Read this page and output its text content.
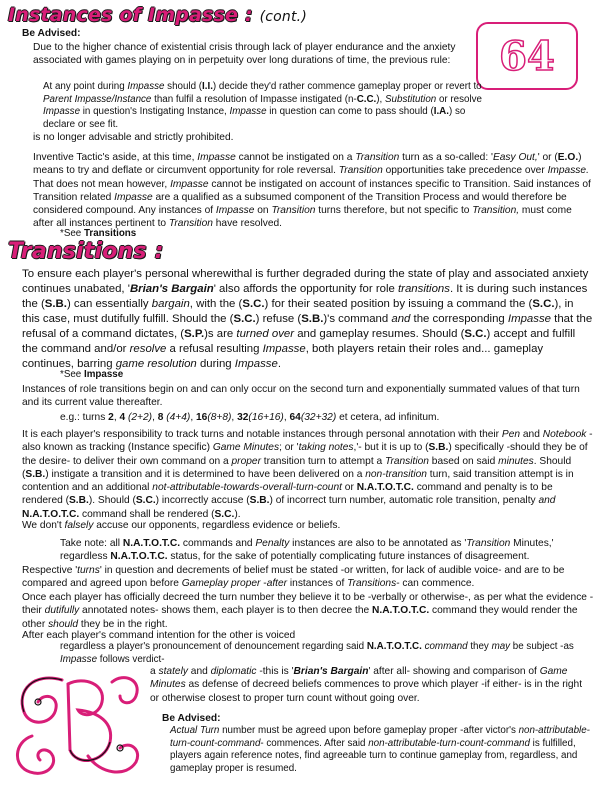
Instances of Impasse : (cont.)
64
Be Advised:

Due to the higher chance of existential crisis through lack of player endurance and the anxiety associated with games playing on in perpetuity over long durations of time, the previous rule:

At any point during Impasse should (I.I.) decide they'd rather commence gameplay proper or revert to Parent Impasse/Instance than fulfil a resolution of Impasse instigated (n-C.C.), Substitution or resolve Impasse in question's Instigating Instance, Impasse in question can come to pass should (I.A.) so declare or see fit.

is no longer advisable and strictly prohibited.

Inventive Tactic's aside, at this time, Impasse cannot be instigated on a Transition turn as a so-called: 'Easy Out,' or (E.O.) means to try and deflate or circumvent opportunity for role reversal. Transition opportunities take precedence over Impasse. That does not mean however, Impasse cannot be instigated on account of instances specific to Transition. Said instances of Transition related Impasse are a qualified as a subsumed component of the Transition Process and would therefore be considered compound. Any instances of Impasse on Transition turns therefore, but not specific to Transition, must come after all instances pertinent to Transition have resolved.

*See Transitions
Transitions :

To ensure each player's personal wherewithal is further degraded during the state of play and associated anxiety continues unabated, 'Brian's Bargain' also affords the opportunity for role transitions. It is during such instances the (S.B.) can essentially bargain, with the (S.C.) for their seated position by issuing a command the (S.C.), in this case, must dutifully fulfill. Should the (S.C.) refuse (S.B.)'s command and the corresponding Impasse that the refusal of a command dictates, (S.P.)s are turned over and gameplay resumes. Should (S.C.) accept and fulfill the command and/or resolve a refusal resulting Impasse, both players retain their roles and... gameplay continues, barring game resolution during Impasse.

*See Impasse

Instances of role transitions begin on and can only occur on the second turn and exponentially summated values of that turn and its current value thereafter.

e.g.: turns 2, 4 (2+2), 8 (4+4), 16(8+8), 32(16+16), 64(32+32) et cetera, ad infinitum.

It is each player's responsibility to track turns and notable instances through personal annotation with their Pen and Notebook -also known as tracking (Instance specific) Game Minutes; or 'taking notes,'- but it is up to (S.B.) specifically -should they be of the desire- to deliver their own command on a proper transition turn to attempt a Transition based on said minutes. Should (S.B.) instigate a transition and it is determined to have been delivered on a non-transition turn, said transition attempt is in contention and an additional not-attributable-towards-overall-turn-count or N.A.T.O.T.C. command and penalty is to be rendered (S.B.). Should (S.C.) incorrectly accuse (S.B.) of incorrect turn number, automatic role transition, penalty and N.A.T.O.T.C. command shall be rendered (S.C.).

We don't falsely accuse our opponents, regardless evidence or beliefs.

Take note: all N.A.T.O.T.C. commands and Penalty instances are also to be annotated as 'Transition Minutes,' regardless N.A.T.O.T.C. status, for the sake of potentially complicating future instances of disagreement.

Respective 'turns' in question and decrements of belief must be stated -or written, for lack of audible voice- and are to be compared and agreed upon before Gameplay proper -after instances of Transitions- can commence.

Once each player has officially decreed the turn number they believe it to be -verbally or otherwise-, as per what the evidence -their dutifully annotated notes- shows them, each player is to then decree the N.A.T.O.T.C. command they would render the other should they be in the right.

After each player's command intention for the other is voiced

regardless a player's pronouncement of denouncement regarding said N.A.T.O.T.C. command they may be subject -as Impasse follows verdict-

a stately and diplomatic -this is 'Brian's Bargain' after all- showing and comparison of Game Minutes as defense of decreed beliefs commences to prove which player -if either- is in the right or otherwise closest to proper turn count without going over.

Be Advised:

Actual Turn number must be agreed upon before gameplay proper -after victor's non-attributable-turn-count-command- commences. After said non-attributable-turn-count-command is fulfilled, players again reference notes, find agreeable turn to continue gameplay from, regardless, and gameplay proper is resumed.
